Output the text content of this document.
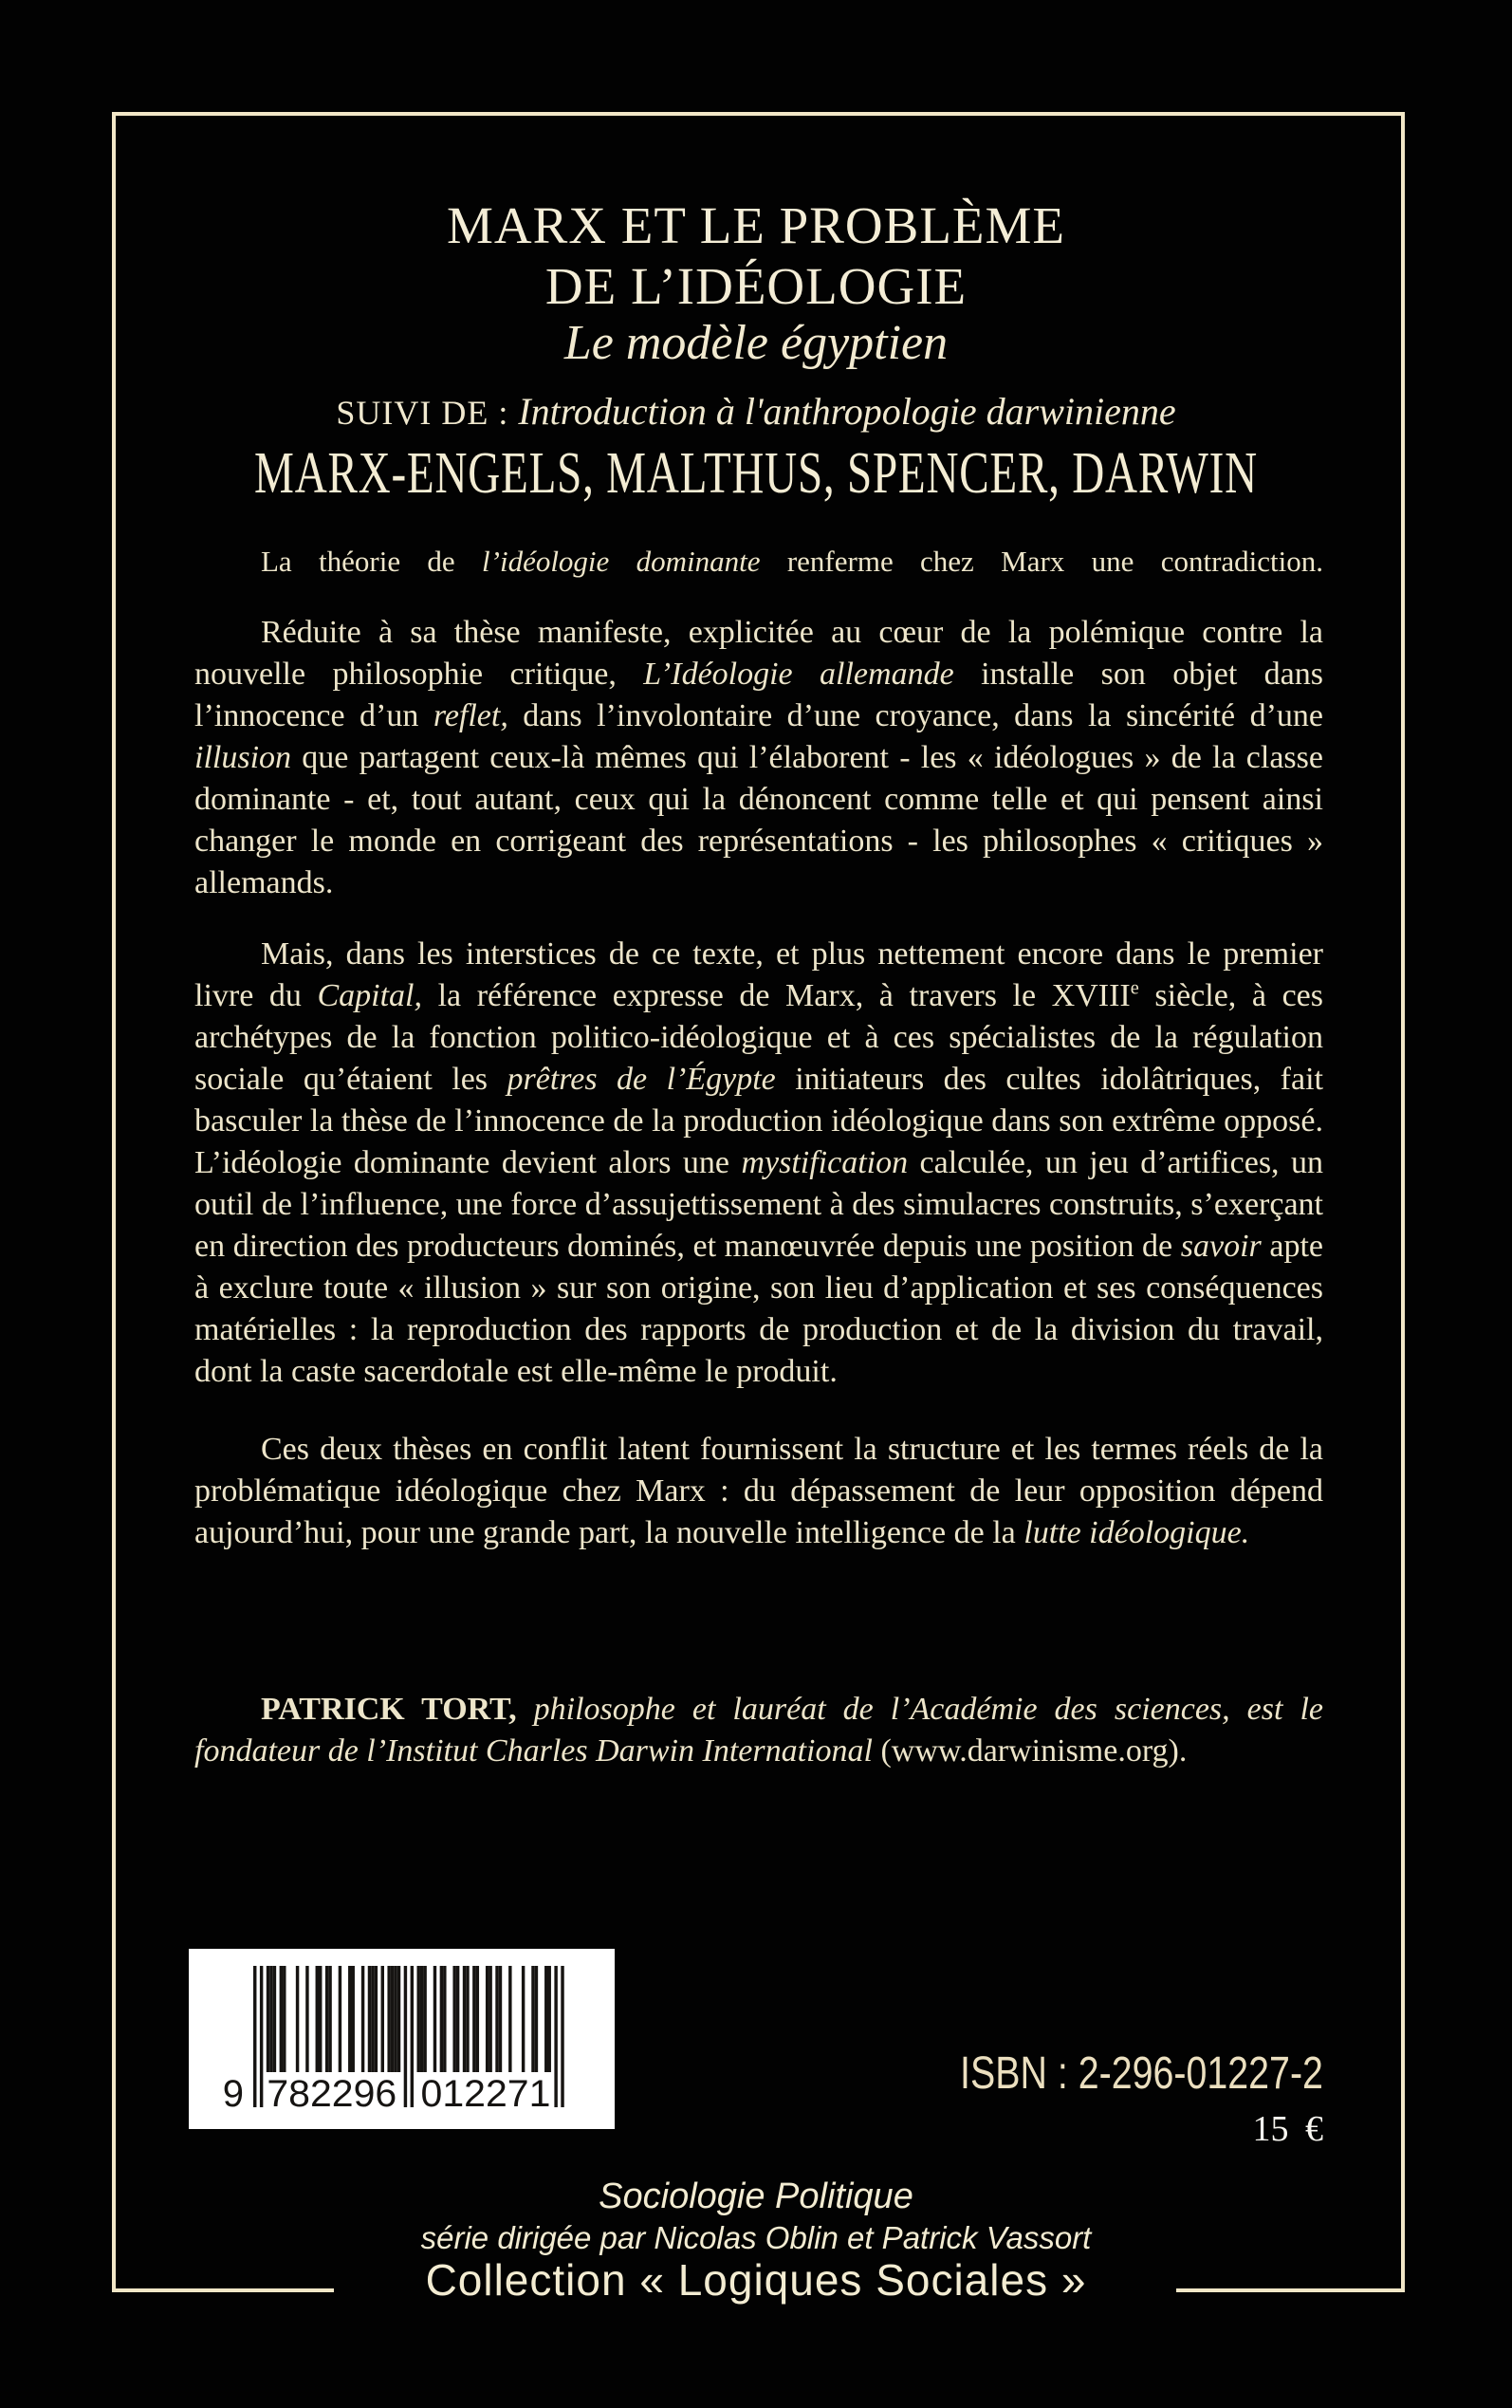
MARX ET LE PROBLÈME
DE L’IDÉOLOGIE
Le modèle égyptien
SUIVI DE : Introduction à l'anthropologie darwinienne
MARX-ENGELS, MALTHUS, SPENCER, DARWIN
La théorie de l’idéologie dominante renferme chez Marx une contradiction.
Réduite à sa thèse manifeste, explicitée au cœur de la polémique contre la nouvelle philosophie critique, L’Idéologie allemande installe son objet dans l’innocence d’un reflet, dans l’involontaire d’une croyance, dans la sincérité d’une illusion que partagent ceux-là mêmes qui l’élaborent - les « idéologues » de la classe dominante - et, tout autant, ceux qui la dénoncent comme telle et qui pensent ainsi changer le monde en corrigeant des représentations - les philosophes « critiques » allemands.
Mais, dans les interstices de ce texte, et plus nettement encore dans le premier livre du Capital, la référence expresse de Marx, à travers le XVIIIe siècle, à ces archétypes de la fonction politico-idéologique et à ces spécialistes de la régulation sociale qu’étaient les prêtres de l’Égypte initiateurs des cultes idolâtriques, fait basculer la thèse de l’innocence de la production idéologique dans son extrême opposé. L’idéologie dominante devient alors une mystification calculée, un jeu d’artifices, un outil de l’influence, une force d’assujettissement à des simulacres construits, s’exerçant en direction des producteurs dominés, et manœuvrée depuis une position de savoir apte à exclure toute « illusion » sur son origine, son lieu d’application et ses conséquences matérielles : la reproduction des rapports de production et de la division du travail, dont la caste sacerdotale est elle-même le produit.
Ces deux thèses en conflit latent fournissent la structure et les termes réels de la problématique idéologique chez Marx : du dépassement de leur opposition dépend aujourd’hui, pour une grande part, la nouvelle intelligence de la lutte idéologique.
PATRICK TORT, philosophe et lauréat de l’Académie des sciences, est le fondateur de l’Institut Charles Darwin International (www.darwinisme.org).
9 782296 012271	ISBN : 2-296-01227-2
15 €
Sociologie Politique
série dirigée par Nicolas Oblin et Patrick Vassort
Collection « Logiques Sociales »
